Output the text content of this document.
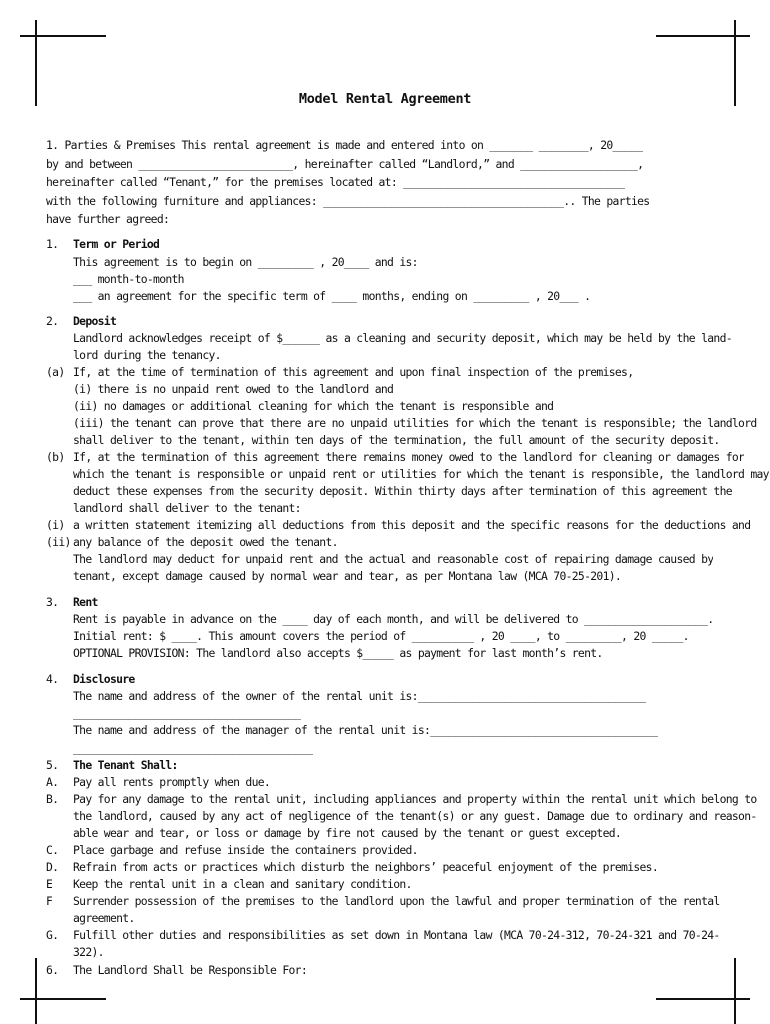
Model Rental Agreement
1. Parties & Premises This rental agreement is made and entered into on _______ ________, 20_____
by and between _________________________, hereinafter called “Landlord,” and ___________________,
hereinafter called “Tenant,” for the premises located at: ____________________________________
with the following furniture and appliances: _______________________________________.. The parties
have further agreed:
1. Term or Period
This agreement is to begin on _________ , 20____ and is:
___ month-to-month
___ an agreement for the specific term of ____ months, ending on _________ , 20___ .
2. Deposit
Landlord acknowledges receipt of $______ as a cleaning and security deposit, which may be held by the land-
lord during the tenancy.
(a) If, at the time of termination of this agreement and upon final inspection of the premises,
(i) there is no unpaid rent owed to the landlord and
(ii) no damages or additional cleaning for which the tenant is responsible and
(iii) the tenant can prove that there are no unpaid utilities for which the tenant is responsible; the landlord
shall deliver to the tenant, within ten days of the termination, the full amount of the security deposit.
(b) If, at the termination of this agreement there remains money owed to the landlord for cleaning or damages for
which the tenant is responsible or unpaid rent or utilities for which the tenant is responsible, the landlord may
deduct these expenses from the security deposit. Within thirty days after termination of this agreement the
landlord shall deliver to the tenant:
(i) a written statement itemizing all deductions from this deposit and the specific reasons for the deductions and
(ii) any balance of the deposit owed the tenant.
The landlord may deduct for unpaid rent and the actual and reasonable cost of repairing damage caused by
tenant, except damage caused by normal wear and tear, as per Montana law (MCA 70-25-201).
3. Rent
Rent is payable in advance on the ____ day of each month, and will be delivered to ____________________.
Initial rent: $ ____. This amount covers the period of __________ , 20 ____, to _________, 20 _____.
OPTIONAL PROVISION: The landlord also accepts $_____ as payment for last month’s rent.
4. Disclosure
The name and address of the owner of the rental unit is:_____________________________________
_____________________________________
The name and address of the manager of the rental unit is:_____________________________________
_______________________________________
5. The Tenant Shall:
A. Pay all rents promptly when due.
B. Pay for any damage to the rental unit, including appliances and property within the rental unit which belong to
the landlord, caused by any act of negligence of the tenant(s) or any guest. Damage due to ordinary and reason-
able wear and tear, or loss or damage by fire not caused by the tenant or guest excepted.
C. Place garbage and refuse inside the containers provided.
D. Refrain from acts or practices which disturb the neighbors’ peaceful enjoyment of the premises.
E Keep the rental unit in a clean and sanitary condition.
F Surrender possession of the premises to the landlord upon the lawful and proper termination of the rental
agreement.
G. Fulfill other duties and responsibilities as set down in Montana law (MCA 70-24-312, 70-24-321 and 70-24-
322).
6. The Landlord Shall be Responsible For:
